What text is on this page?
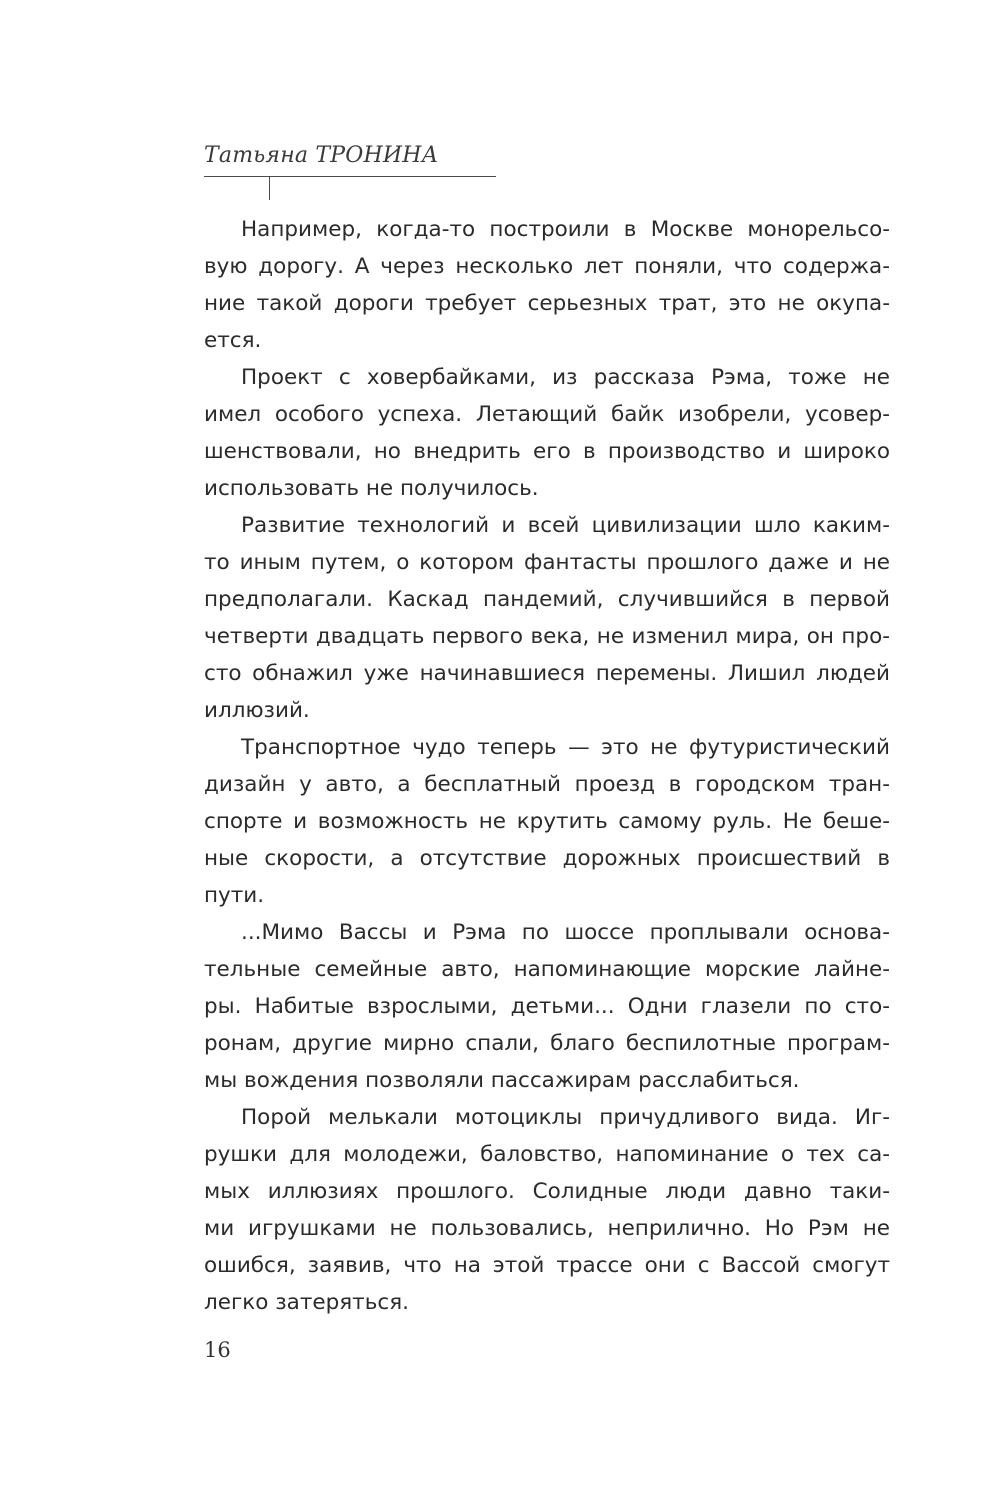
Татьяна ТРОНИНА
Например, когда-то построили в Москве монорельсо-
вую дорогу. А через несколько лет поняли, что содержа-
ние такой дороги требует серьезных трат, это не окупа-
ется.
Проект с ховербайками, из рассказа Рэма, тоже не
имел особого успеха. Летающий байк изобрели, усовер-
шенствовали, но внедрить его в производство и широко
использовать не получилось.
Развитие технологий и всей цивилизации шло каким-
то иным путем, о котором фантасты прошлого даже и не
предполагали. Каскад пандемий, случившийся в первой
четверти двадцать первого века, не изменил мира, он про-
сто обнажил уже начинавшиеся перемены. Лишил людей
иллюзий.
Транспортное чудо теперь — это не футуристический
дизайн у авто, а бесплатный проезд в городском тран-
спорте и возможность не крутить самому руль. Не беше-
ные скорости, а отсутствие дорожных происшествий в
пути.
...Мимо Вассы и Рэма по шоссе проплывали основа-
тельные семейные авто, напоминающие морские лайне-
ры. Набитые взрослыми, детьми... Одни глазели по сто-
ронам, другие мирно спали, благо беспилотные програм-
мы вождения позволяли пассажирам расслабиться.
Порой мелькали мотоциклы причудливого вида. Иг-
рушки для молодежи, баловство, напоминание о тех са-
мых иллюзиях прошлого. Солидные люди давно таки-
ми игрушками не пользовались, неприлично. Но Рэм не
ошибся, заявив, что на этой трассе они с Вассой смогут
легко затеряться.
16
